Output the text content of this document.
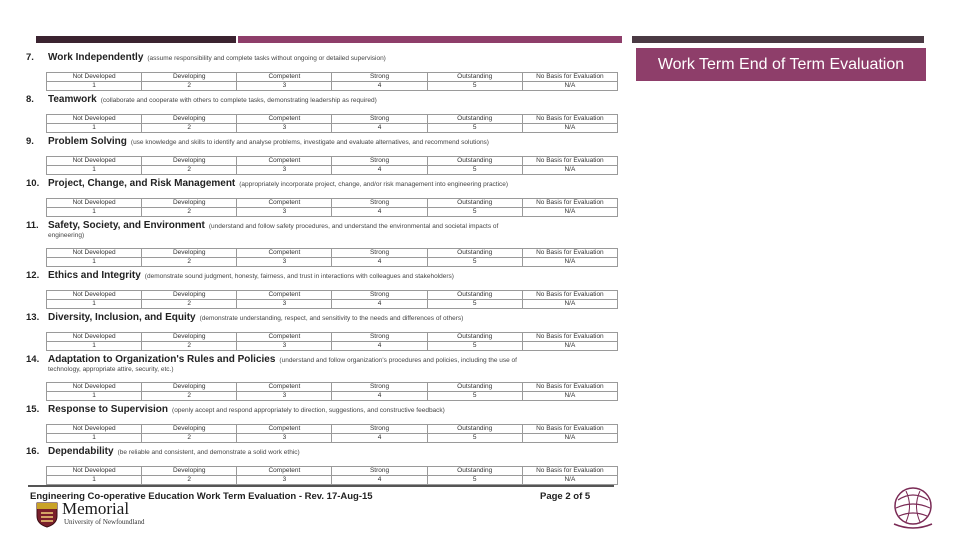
Work Term End of Term Evaluation
7. Work Independently (assume responsibility and complete tasks without ongoing or detailed supervision)
Not Developed	Developing	Competent	Strong	Outstanding	No Basis for Evaluation
1	2	3	4	5	N/A
8. Teamwork (collaborate and cooperate with others to complete tasks, demonstrating leadership as required)
Not Developed	Developing	Competent	Strong	Outstanding	No Basis for Evaluation
1	2	3	4	5	N/A
9. Problem Solving (use knowledge and skills to identify and analyse problems, investigate and evaluate alternatives, and recommend solutions)
Not Developed	Developing	Competent	Strong	Outstanding	No Basis for Evaluation
1	2	3	4	5	N/A
10. Project, Change, and Risk Management (appropriately incorporate project, change, and/or risk management into engineering practice)
Not Developed	Developing	Competent	Strong	Outstanding	No Basis for Evaluation
1	2	3	4	5	N/A
11. Safety, Society, and Environment (understand and follow safety procedures, and understand the environmental and societal impacts of
engineering)
Not Developed	Developing	Competent	Strong	Outstanding	No Basis for Evaluation
1	2	3	4	5	N/A
12. Ethics and Integrity (demonstrate sound judgment, honesty, fairness, and trust in interactions with colleagues and stakeholders)
Not Developed	Developing	Competent	Strong	Outstanding	No Basis for Evaluation
1	2	3	4	5	N/A
13. Diversity, Inclusion, and Equity (demonstrate understanding, respect, and sensitivity to the needs and differences of others)
Not Developed	Developing	Competent	Strong	Outstanding	No Basis for Evaluation
1	2	3	4	5	N/A
14. Adaptation to Organization's Rules and Policies (understand and follow organization's procedures and policies, including the use of
technology, appropriate attire, security, etc.)
Not Developed	Developing	Competent	Strong	Outstanding	No Basis for Evaluation
1	2	3	4	5	N/A
15. Response to Supervision (openly accept and respond appropriately to direction, suggestions, and constructive feedback)
Not Developed	Developing	Competent	Strong	Outstanding	No Basis for Evaluation
1	2	3	4	5	N/A
16. Dependability (be reliable and consistent, and demonstrate a solid work ethic)
Not Developed	Developing	Competent	Strong	Outstanding	No Basis for Evaluation
1	2	3	4	5	N/A
Engineering Co-operative Education Work Term Evaluation - Rev. 17-Aug-15	Page 2 of 5
Memorial
University of Newfoundland
